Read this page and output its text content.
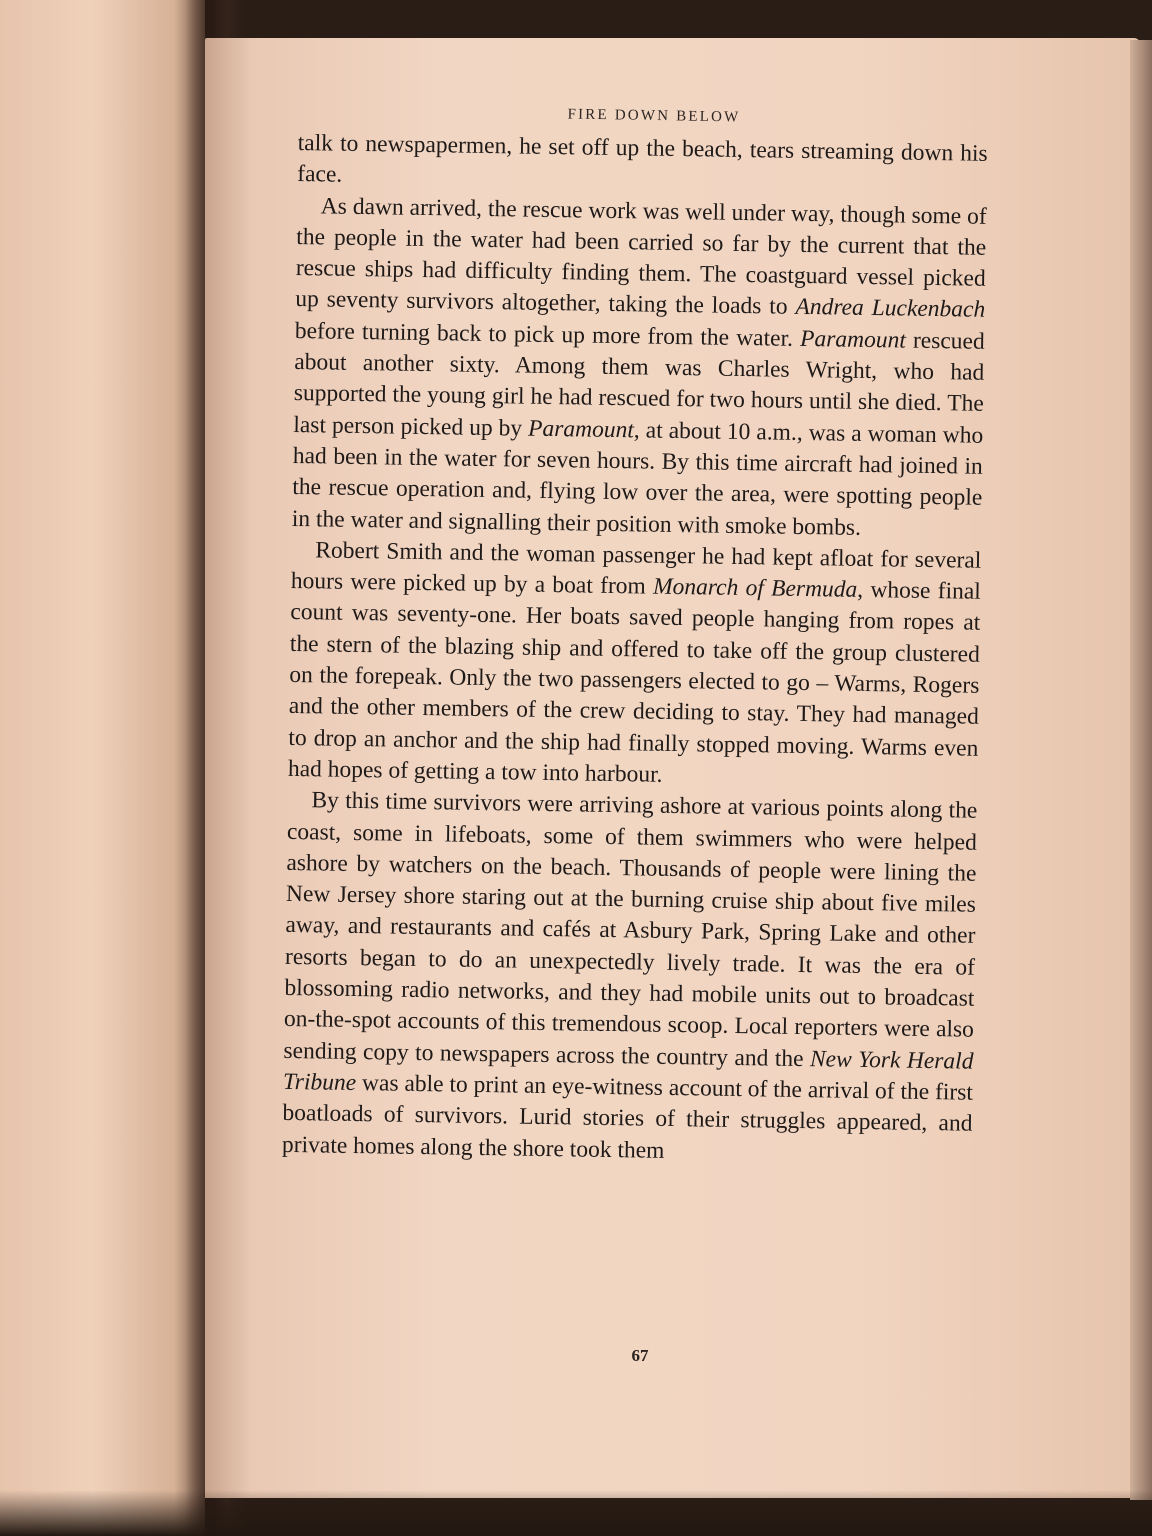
FIRE DOWN BELOW

talk to newspapermen, he set off up the beach, tears streaming down his face.

As dawn arrived, the rescue work was well under way, though some of the people in the water had been carried so far by the current that the rescue ships had difficulty finding them. The coastguard vessel picked up seventy survivors altogether, taking the loads to Andrea Luckenbach before turning back to pick up more from the water. Paramount rescued about another sixty. Among them was Charles Wright, who had supported the young girl he had rescued for two hours until she died. The last person picked up by Paramount, at about 10 a.m., was a woman who had been in the water for seven hours. By this time aircraft had joined in the rescue operation and, flying low over the area, were spotting people in the water and signalling their position with smoke bombs.

Robert Smith and the woman passenger he had kept afloat for several hours were picked up by a boat from Monarch of Bermuda, whose final count was seventy-one. Her boats saved people hanging from ropes at the stern of the blazing ship and offered to take off the group clustered on the forepeak. Only the two passengers elected to go – Warms, Rogers and the other members of the crew deciding to stay. They had managed to drop an anchor and the ship had finally stopped moving. Warms even had hopes of getting a tow into harbour.

By this time survivors were arriving ashore at various points along the coast, some in lifeboats, some of them swimmers who were helped ashore by watchers on the beach. Thousands of people were lining the New Jersey shore staring out at the burning cruise ship about five miles away, and restaurants and cafés at Asbury Park, Spring Lake and other resorts began to do an unexpectedly lively trade. It was the era of blossoming radio networks, and they had mobile units out to broadcast on-the-spot accounts of this tremendous scoop. Local reporters were also sending copy to newspapers across the country and the New York Herald Tribune was able to print an eye-witness account of the arrival of the first boatloads of survivors. Lurid stories of their struggles appeared, and private homes along the shore took them

67
